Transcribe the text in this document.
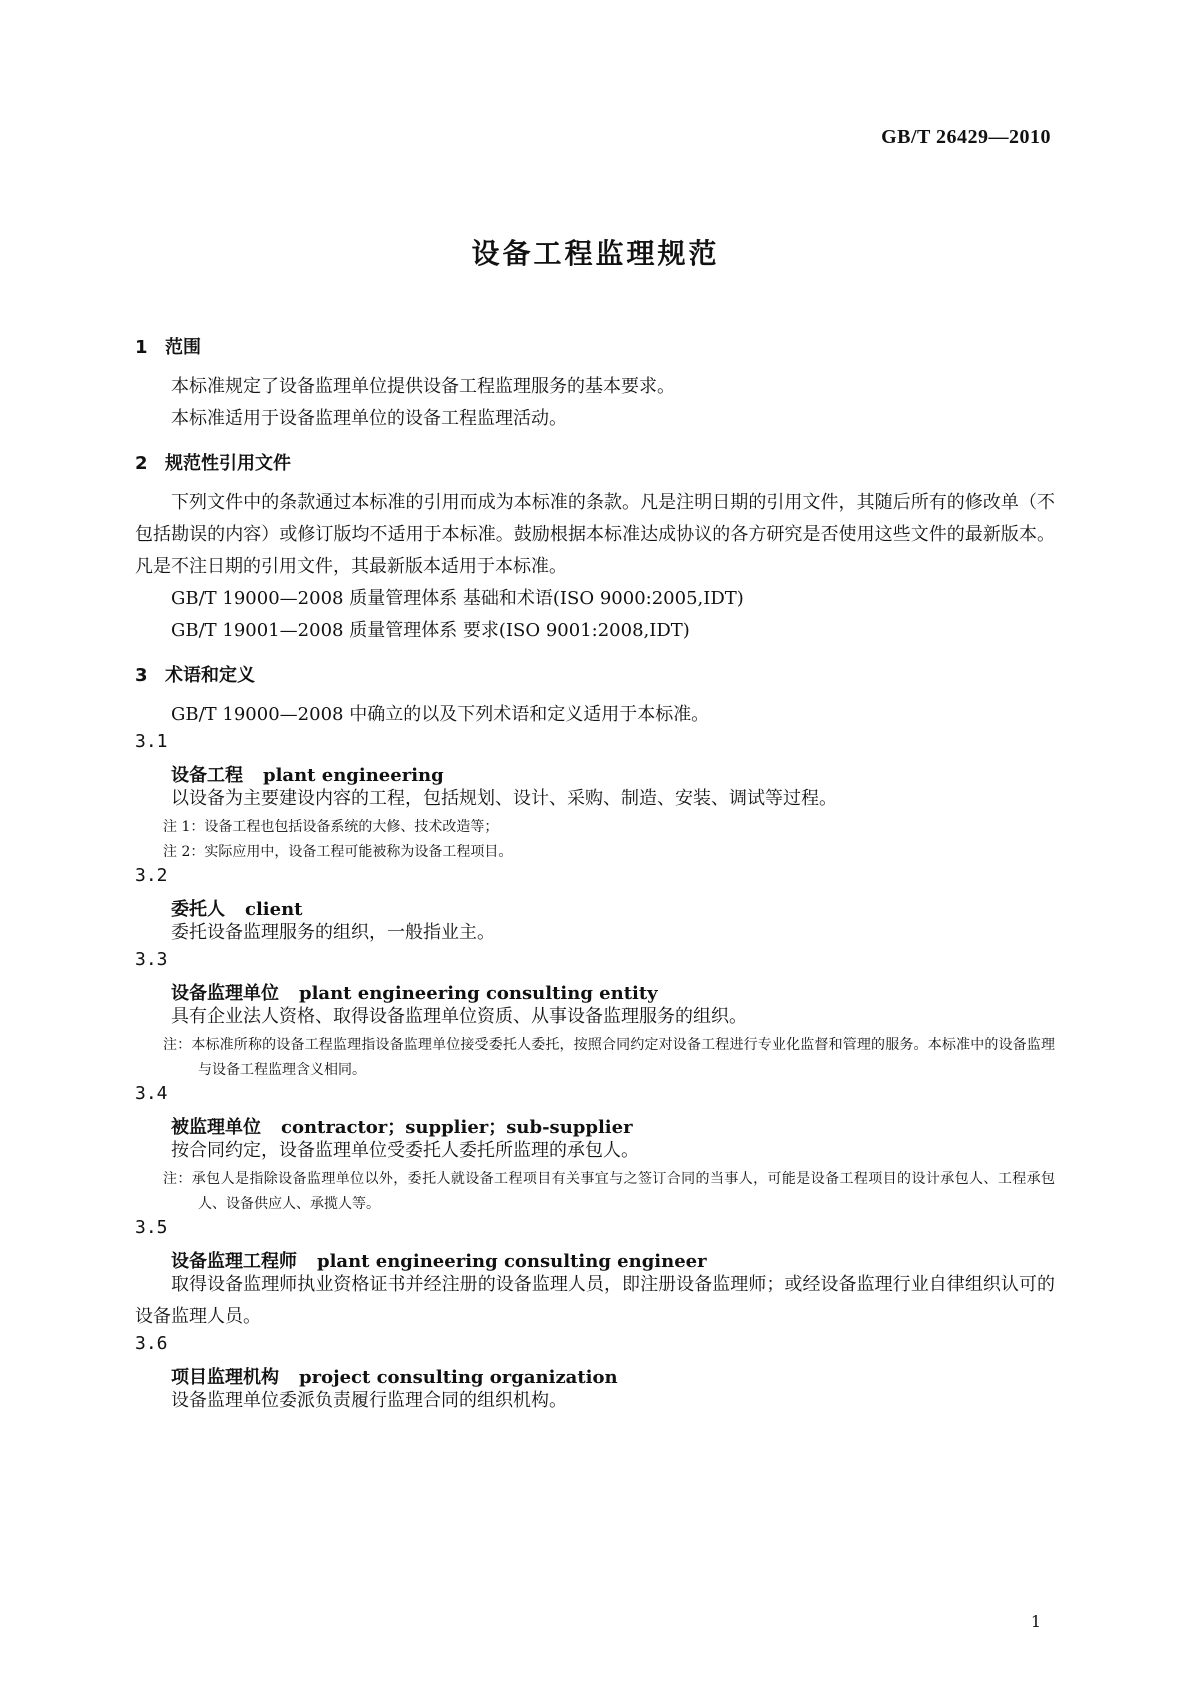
GB/T 26429—2010
设备工程监理规范
1 范围
本标准规定了设备监理单位提供设备工程监理服务的基本要求。
本标准适用于设备监理单位的设备工程监理活动。
2 规范性引用文件
下列文件中的条款通过本标准的引用而成为本标准的条款。凡是注明日期的引用文件，其随后所有的修改单（不包括勘误的内容）或修订版均不适用于本标准。鼓励根据本标准达成协议的各方研究是否使用这些文件的最新版本。凡是不注日期的引用文件，其最新版本适用于本标准。
GB/T 19000—2008 质量管理体系 基础和术语(ISO 9000:2005,IDT)
GB/T 19001—2008 质量管理体系 要求(ISO 9001:2008,IDT)
3 术语和定义
GB/T 19000—2008 中确立的以及下列术语和定义适用于本标准。
3.1
设备工程 plant engineering
以设备为主要建设内容的工程，包括规划、设计、采购、制造、安装、调试等过程。
注 1：设备工程也包括设备系统的大修、技术改造等；
注 2：实际应用中，设备工程可能被称为设备工程项目。
3.2
委托人 client
委托设备监理服务的组织，一般指业主。
3.3
设备监理单位 plant engineering consulting entity
具有企业法人资格、取得设备监理单位资质、从事设备监理服务的组织。
注：本标准所称的设备工程监理指设备监理单位接受委托人委托，按照合同约定对设备工程进行专业化监督和管理的服务。本标准中的设备监理与设备工程监理含义相同。
3.4
被监理单位 contractor；supplier；sub-supplier
按合同约定，设备监理单位受委托人委托所监理的承包人。
注：承包人是指除设备监理单位以外，委托人就设备工程项目有关事宜与之签订合同的当事人，可能是设备工程项目的设计承包人、工程承包人、设备供应人、承揽人等。
3.5
设备监理工程师 plant engineering consulting engineer
取得设备监理师执业资格证书并经注册的设备监理人员，即注册设备监理师；或经设备监理行业自律组织认可的设备监理人员。
3.6
项目监理机构 project consulting organization
设备监理单位委派负责履行监理合同的组织机构。
1
